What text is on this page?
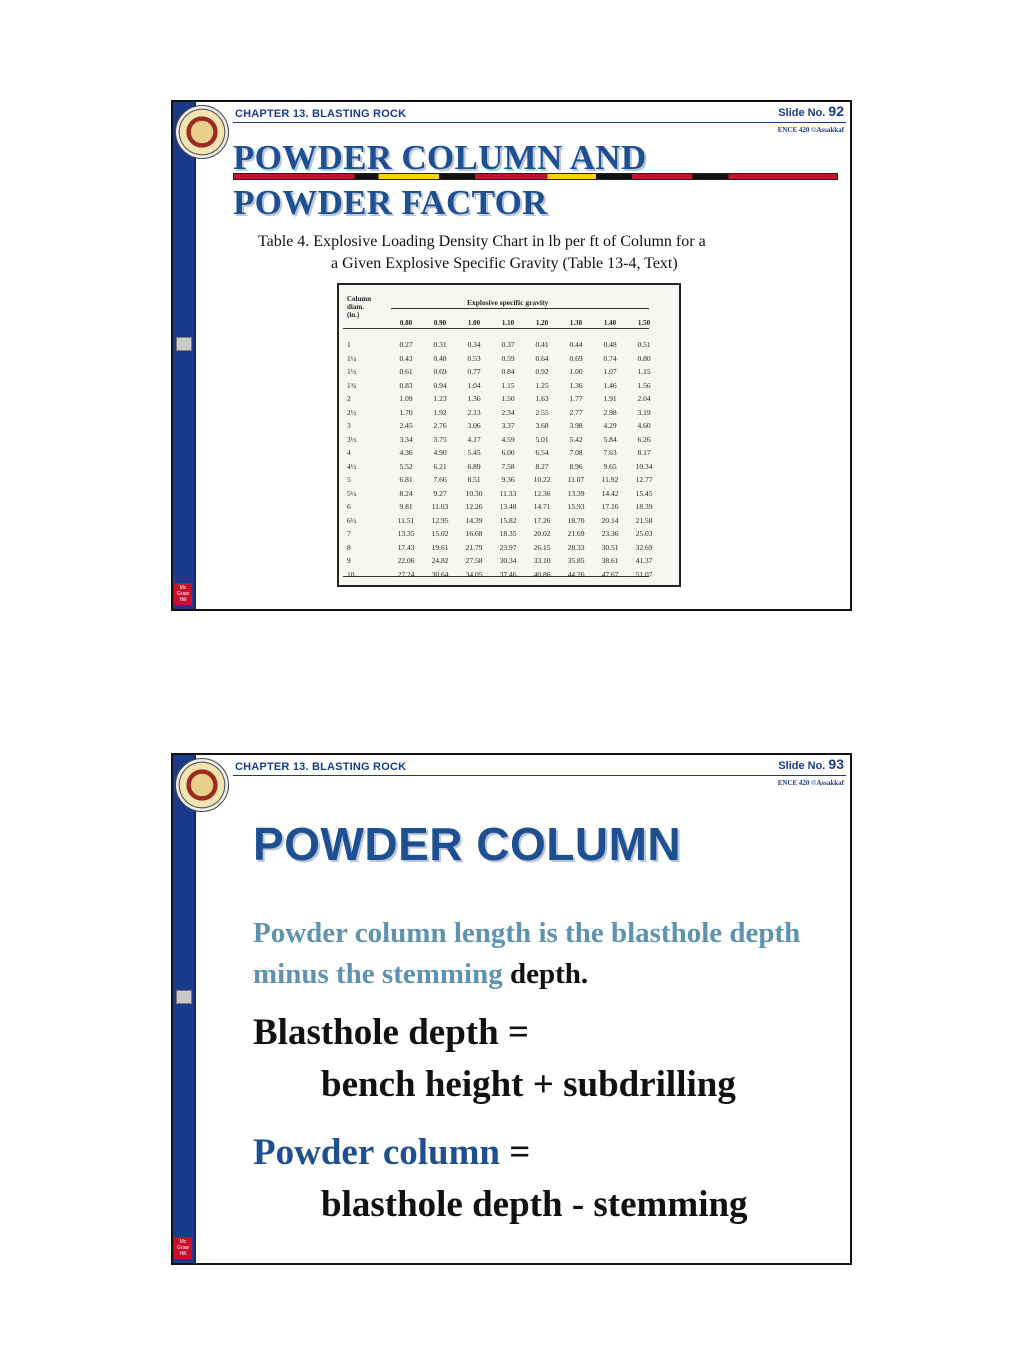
Mc
Graw
Hill
CHAPTER 13. BLASTING ROCK	Slide No. 92
ENCE 420 ©Assakkaf
POWDER COLUMN AND
POWDER FACTOR
Table 4. Explosive Loading Density Chart in lb per ft of Column for a
a Given Explosive Specific Gravity (Table 13-4, Text)
Column
diam.
(in.)
Explosive specific gravity
0.80	0.90	1.00	1.10	1.20	1.30	1.40	1.50
1	0.27	0.31	0.34	0.37	0.41	0.44	0.48	0.51
1¼	0.43	0.48	0.53	0.59	0.64	0.69	0.74	0.80
1½	0.61	0.69	0.77	0.84	0.92	1.00	1.07	1.15
1¾	0.83	0.94	1.04	1.15	1.25	1.36	1.46	1.56
2	1.09	1.23	1.36	1.50	1.63	1.77	1.91	2.04
2½	1.70	1.92	2.13	2.34	2.55	2.77	2.98	3.19
3	2.45	2.76	3.06	3.37	3.68	3.98	4.29	4.60
3½	3.34	3.75	4.17	4.59	5.01	5.42	5.84	6.26
4	4.36	4.90	5.45	6.00	6.54	7.08	7.63	8.17
4½	5.52	6.21	6.89	7.58	8.27	8.96	9.65	10.34
5	6.81	7.66	8.51	9.36	10.22	11.07	11.92	12.77
5½	8.24	9.27	10.30	11.33	12.36	13.39	14.42	15.45
6	9.81	11.03	12.26	13.48	14.71	15.93	17.16	18.39
6½	11.51	12.95	14.39	15.82	17.26	18.70	20.14	21.58
7	13.35	15.02	16.68	18.35	20.02	21.69	23.36	25.03
8	17.43	19.61	21.79	23.97	26.15	28.33	30.51	32.69
9	22.06	24.82	27.58	30.34	33.10	35.85	38.61	41.37
10	27.24	30.64	34.05	37.46	40.86	44.26	47.67	51.07
Mc
Graw
Hill
CHAPTER 13. BLASTING ROCK	Slide No. 93
ENCE 420 ©Assakkaf
POWDER COLUMN
Powder column length is the blasthole depth minus the stemming depth.
Blasthole depth =
bench height + subdrilling
Powder column =
blasthole depth - stemming
